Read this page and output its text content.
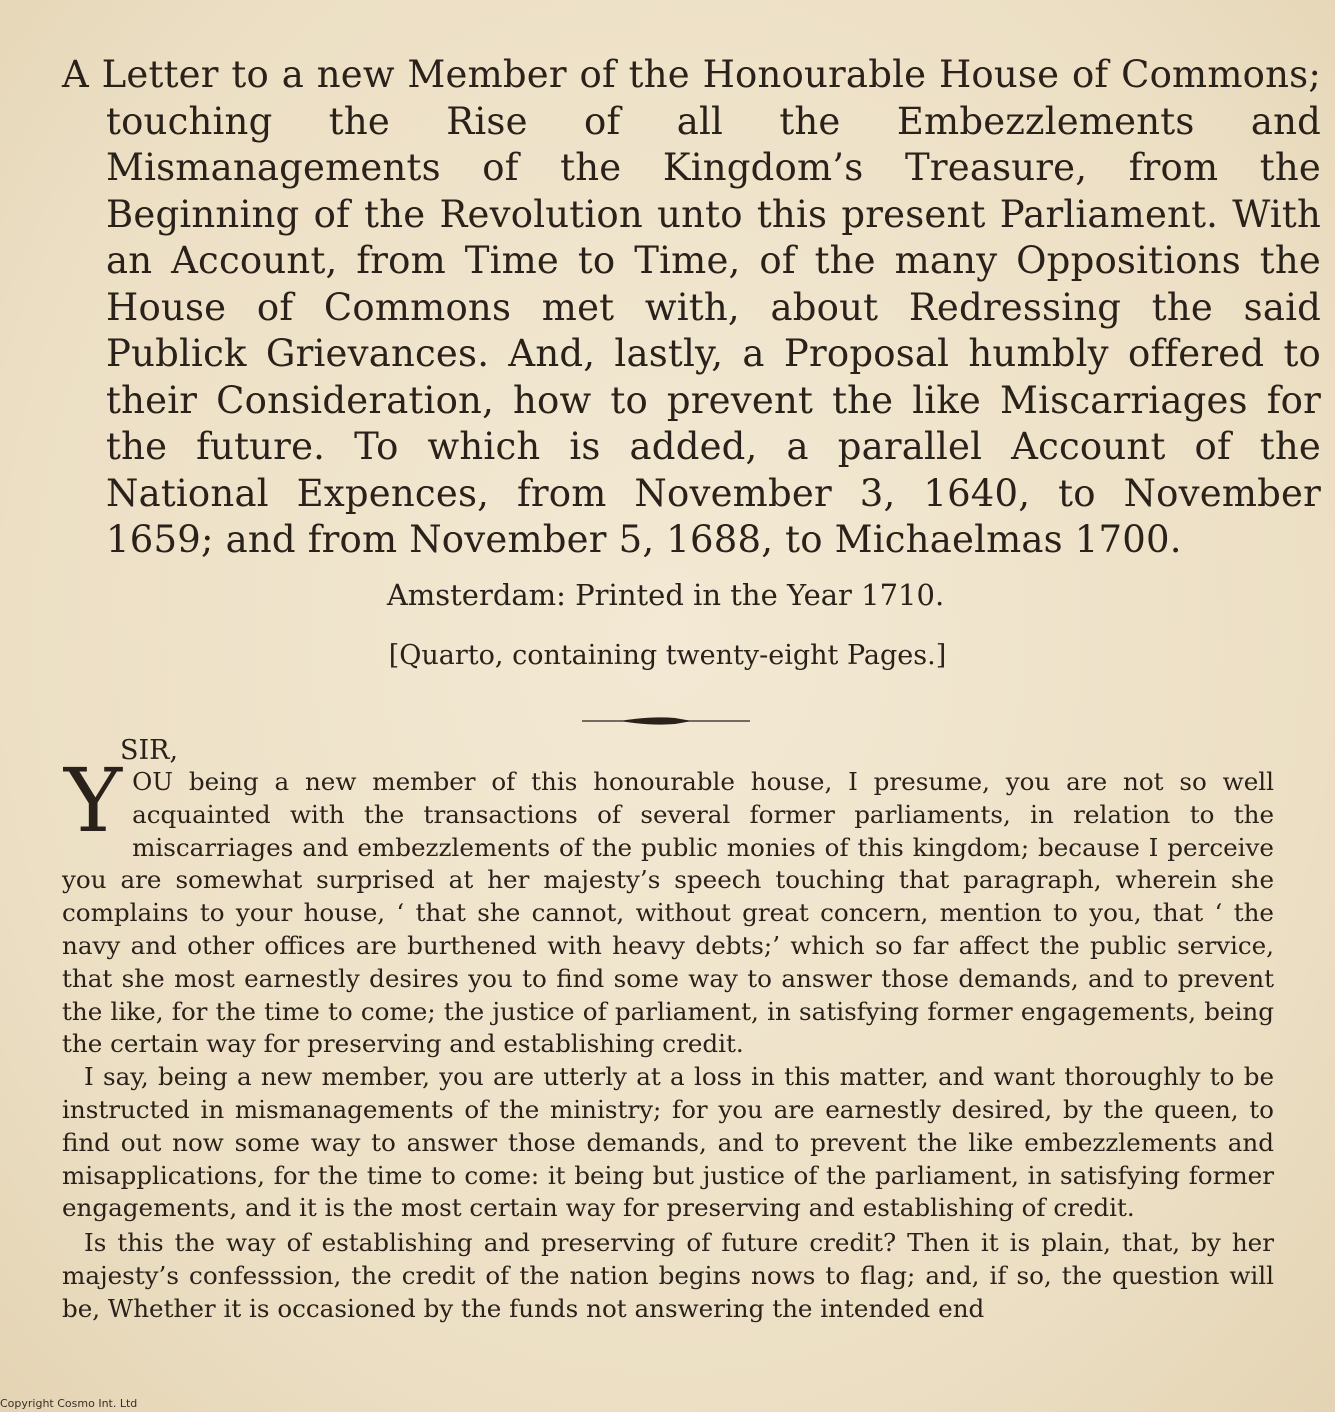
A Letter to a new Member of the Honourable House of Commons; touching the Rise of all the Embezzlements and Mismanagements of the Kingdom’s Treasure, from the Beginning of the Revolution unto this present Parliament. With an Account, from Time to Time, of the many Oppositions the House of Commons met with, about Redressing the said Publick Grievances. And, lastly, a Proposal humbly offered to their Consideration, how to prevent the like Miscarriages for the future. To which is added, a parallel Account of the National Expences, from November 3, 1640, to November 1659; and from November 5, 1688, to Michaelmas 1700.
Amsterdam: Printed in the Year 1710.
[Quarto, containing twenty-eight Pages.]
SIR,

YOU being a new member of this honourable house, I presume, you are not so well acquainted with the transactions of several former parliaments, in relation to the miscarriages and embezzlements of the public monies of this kingdom; because I perceive you are somewhat surprised at her majesty’s speech touching that paragraph, wherein she complains to your house, ‘ that she cannot, without great concern, mention to you, that ‘ the navy and other offices are burthened with heavy debts;’ which so far affect the public service, that she most earnestly desires you to find some way to answer those demands, and to prevent the like, for the time to come; the justice of parliament, in satisfying former engagements, being the certain way for preserving and establishing credit.

I say, being a new member, you are utterly at a loss in this matter, and want thoroughly to be instructed in mismanagements of the ministry; for you are earnestly desired, by the queen, to find out now some way to answer those demands, and to prevent the like embezzlements and misapplications, for the time to come: it being but justice of the parliament, in satisfying former engagements, and it is the most certain way for preserving and establishing of credit.

Is this the way of establishing and preserving of future credit? Then it is plain, that, by her majesty’s confesssion, the credit of the nation begins nows to flag; and, if so, the question will be, Whether it is occasioned by the funds not answering the intended end

Copyright Cosmo Int. Ltd
